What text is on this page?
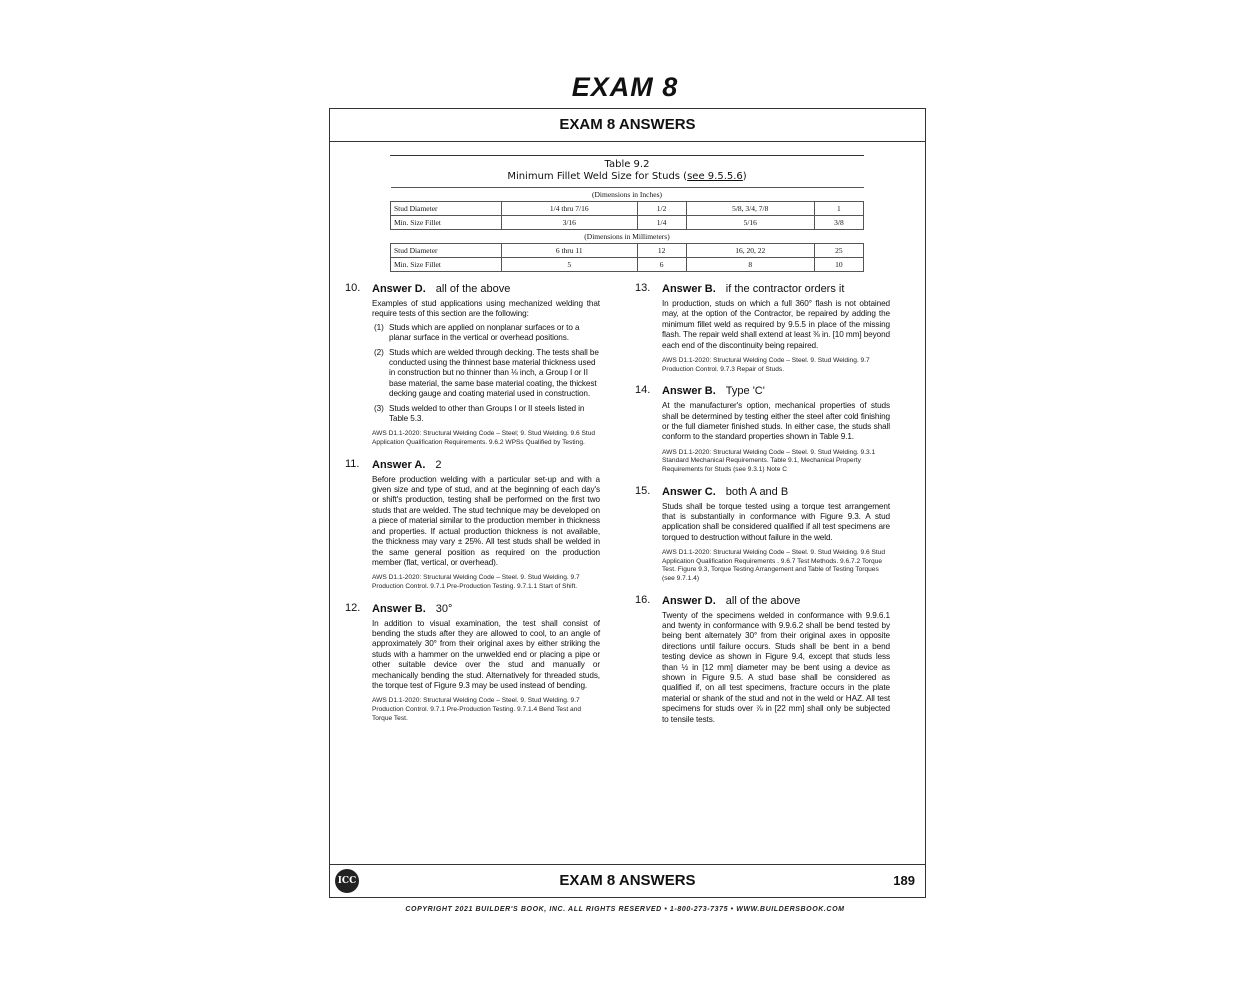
EXAM 8
EXAM 8 ANSWERS
Table 9.2
Minimum Fillet Weld Size for Studs (see 9.5.5.6)
(Dimensions in Inches)				
Stud Diameter	1/4 thru 7/16	1/2	5/8, 3/4, 7/8	1
Min. Size Fillet	3/16	1/4	5/16	3/8
(Dimensions in Millimeters)				
Stud Diameter	6 thru 11	12	16, 20, 22	25
Min. Size Fillet	5	6	8	10
10. Answer D. all of the above
Examples of stud applications using mechanized welding that require tests of this section are the following:
(1) Studs which are applied on nonplanar surfaces or to a planar surface in the vertical or overhead positions.
(2) Studs which are welded through decking. The tests shall be conducted using the thinnest base material thickness used in construction but no thinner than ⅛ inch, a Group I or II base material, the same base material coating, the thickest decking gauge and coating material used in construction.
(3) Studs welded to other than Groups I or II steels listed in Table 5.3.
AWS D1.1-2020: Structural Welding Code – Steel; 9. Stud Welding. 9.6 Stud Application Qualification Requirements. 9.6.2 WPSs Qualified by Testing.
11. Answer A. 2
Before production welding with a particular set-up and with a given size and type of stud, and at the beginning of each day's or shift's production, testing shall be performed on the first two studs that are welded. The stud technique may be developed on a piece of material similar to the production member in thickness and properties. If actual production thickness is not available, the thickness may vary ± 25%. All test studs shall be welded in the same general position as required on the production member (flat, vertical, or overhead).
AWS D1.1-2020: Structural Welding Code – Steel. 9. Stud Welding. 9.7 Production Control. 9.7.1 Pre-Production Testing. 9.7.1.1 Start of Shift.
12. Answer B. 30°
In addition to visual examination, the test shall consist of bending the studs after they are allowed to cool, to an angle of approximately 30° from their original axes by either striking the studs with a hammer on the unwelded end or placing a pipe or other suitable device over the stud and manually or mechanically bending the stud. Alternatively for threaded studs, the torque test of Figure 9.3 may be used instead of bending.
AWS D1.1-2020: Structural Welding Code – Steel. 9. Stud Welding. 9.7 Production Control. 9.7.1 Pre-Production Testing. 9.7.1.4 Bend Test and Torque Test.
13. Answer B. if the contractor orders it
In production, studs on which a full 360° flash is not obtained may, at the option of the Contractor, be repaired by adding the minimum fillet weld as required by 9.5.5 in place of the missing flash. The repair weld shall extend at least ⅜ in. [10 mm] beyond each end of the discontinuity being repaired.
AWS D1.1-2020: Structural Welding Code – Steel. 9. Stud Welding. 9.7 Production Control. 9.7.3 Repair of Studs.
14. Answer B. Type 'C'
At the manufacturer's option, mechanical properties of studs shall be determined by testing either the steel after cold finishing or the full diameter finished studs. In either case, the studs shall conform to the standard properties shown in Table 9.1.
AWS D1.1-2020: Structural Welding Code – Steel. 9. Stud Welding. 9.3.1 Standard Mechanical Requirements. Table 9.1, Mechanical Property Requirements for Studs (see 9.3.1) Note C
15. Answer C. both A and B
Studs shall be torque tested using a torque test arrangement that is substantially in conformance with Figure 9.3. A stud application shall be considered qualified if all test specimens are torqued to destruction without failure in the weld.
AWS D1.1-2020: Structural Welding Code – Steel. 9. Stud Welding. 9.6 Stud Application Qualification Requirements . 9.6.7 Test Methods. 9.6.7.2 Torque Test. Figure 9.3, Torque Testing Arrangement and Table of Testing Torques (see 9.7.1.4)
16. Answer D. all of the above
Twenty of the specimens welded in conformance with 9.9.6.1 and twenty in conformance with 9.9.6.2 shall be bend tested by being bent alternately 30° from their original axes in opposite directions until failure occurs. Studs shall be bent in a bend testing device as shown in Figure 9.4, except that studs less than ½ in [12 mm] diameter may be bent using a device as shown in Figure 9.5. A stud base shall be considered as qualified if, on all test specimens, fracture occurs in the plate material or shank of the stud and not in the weld or HAZ. All test specimens for studs over ⅞ in [22 mm] shall only be subjected to tensile tests.
ICC	EXAM 8 ANSWERS	189
COPYRIGHT 2021 BUILDER'S BOOK, INC. ALL RIGHTS RESERVED • 1-800-273-7375 • WWW.BUILDERSBOOK.COM
